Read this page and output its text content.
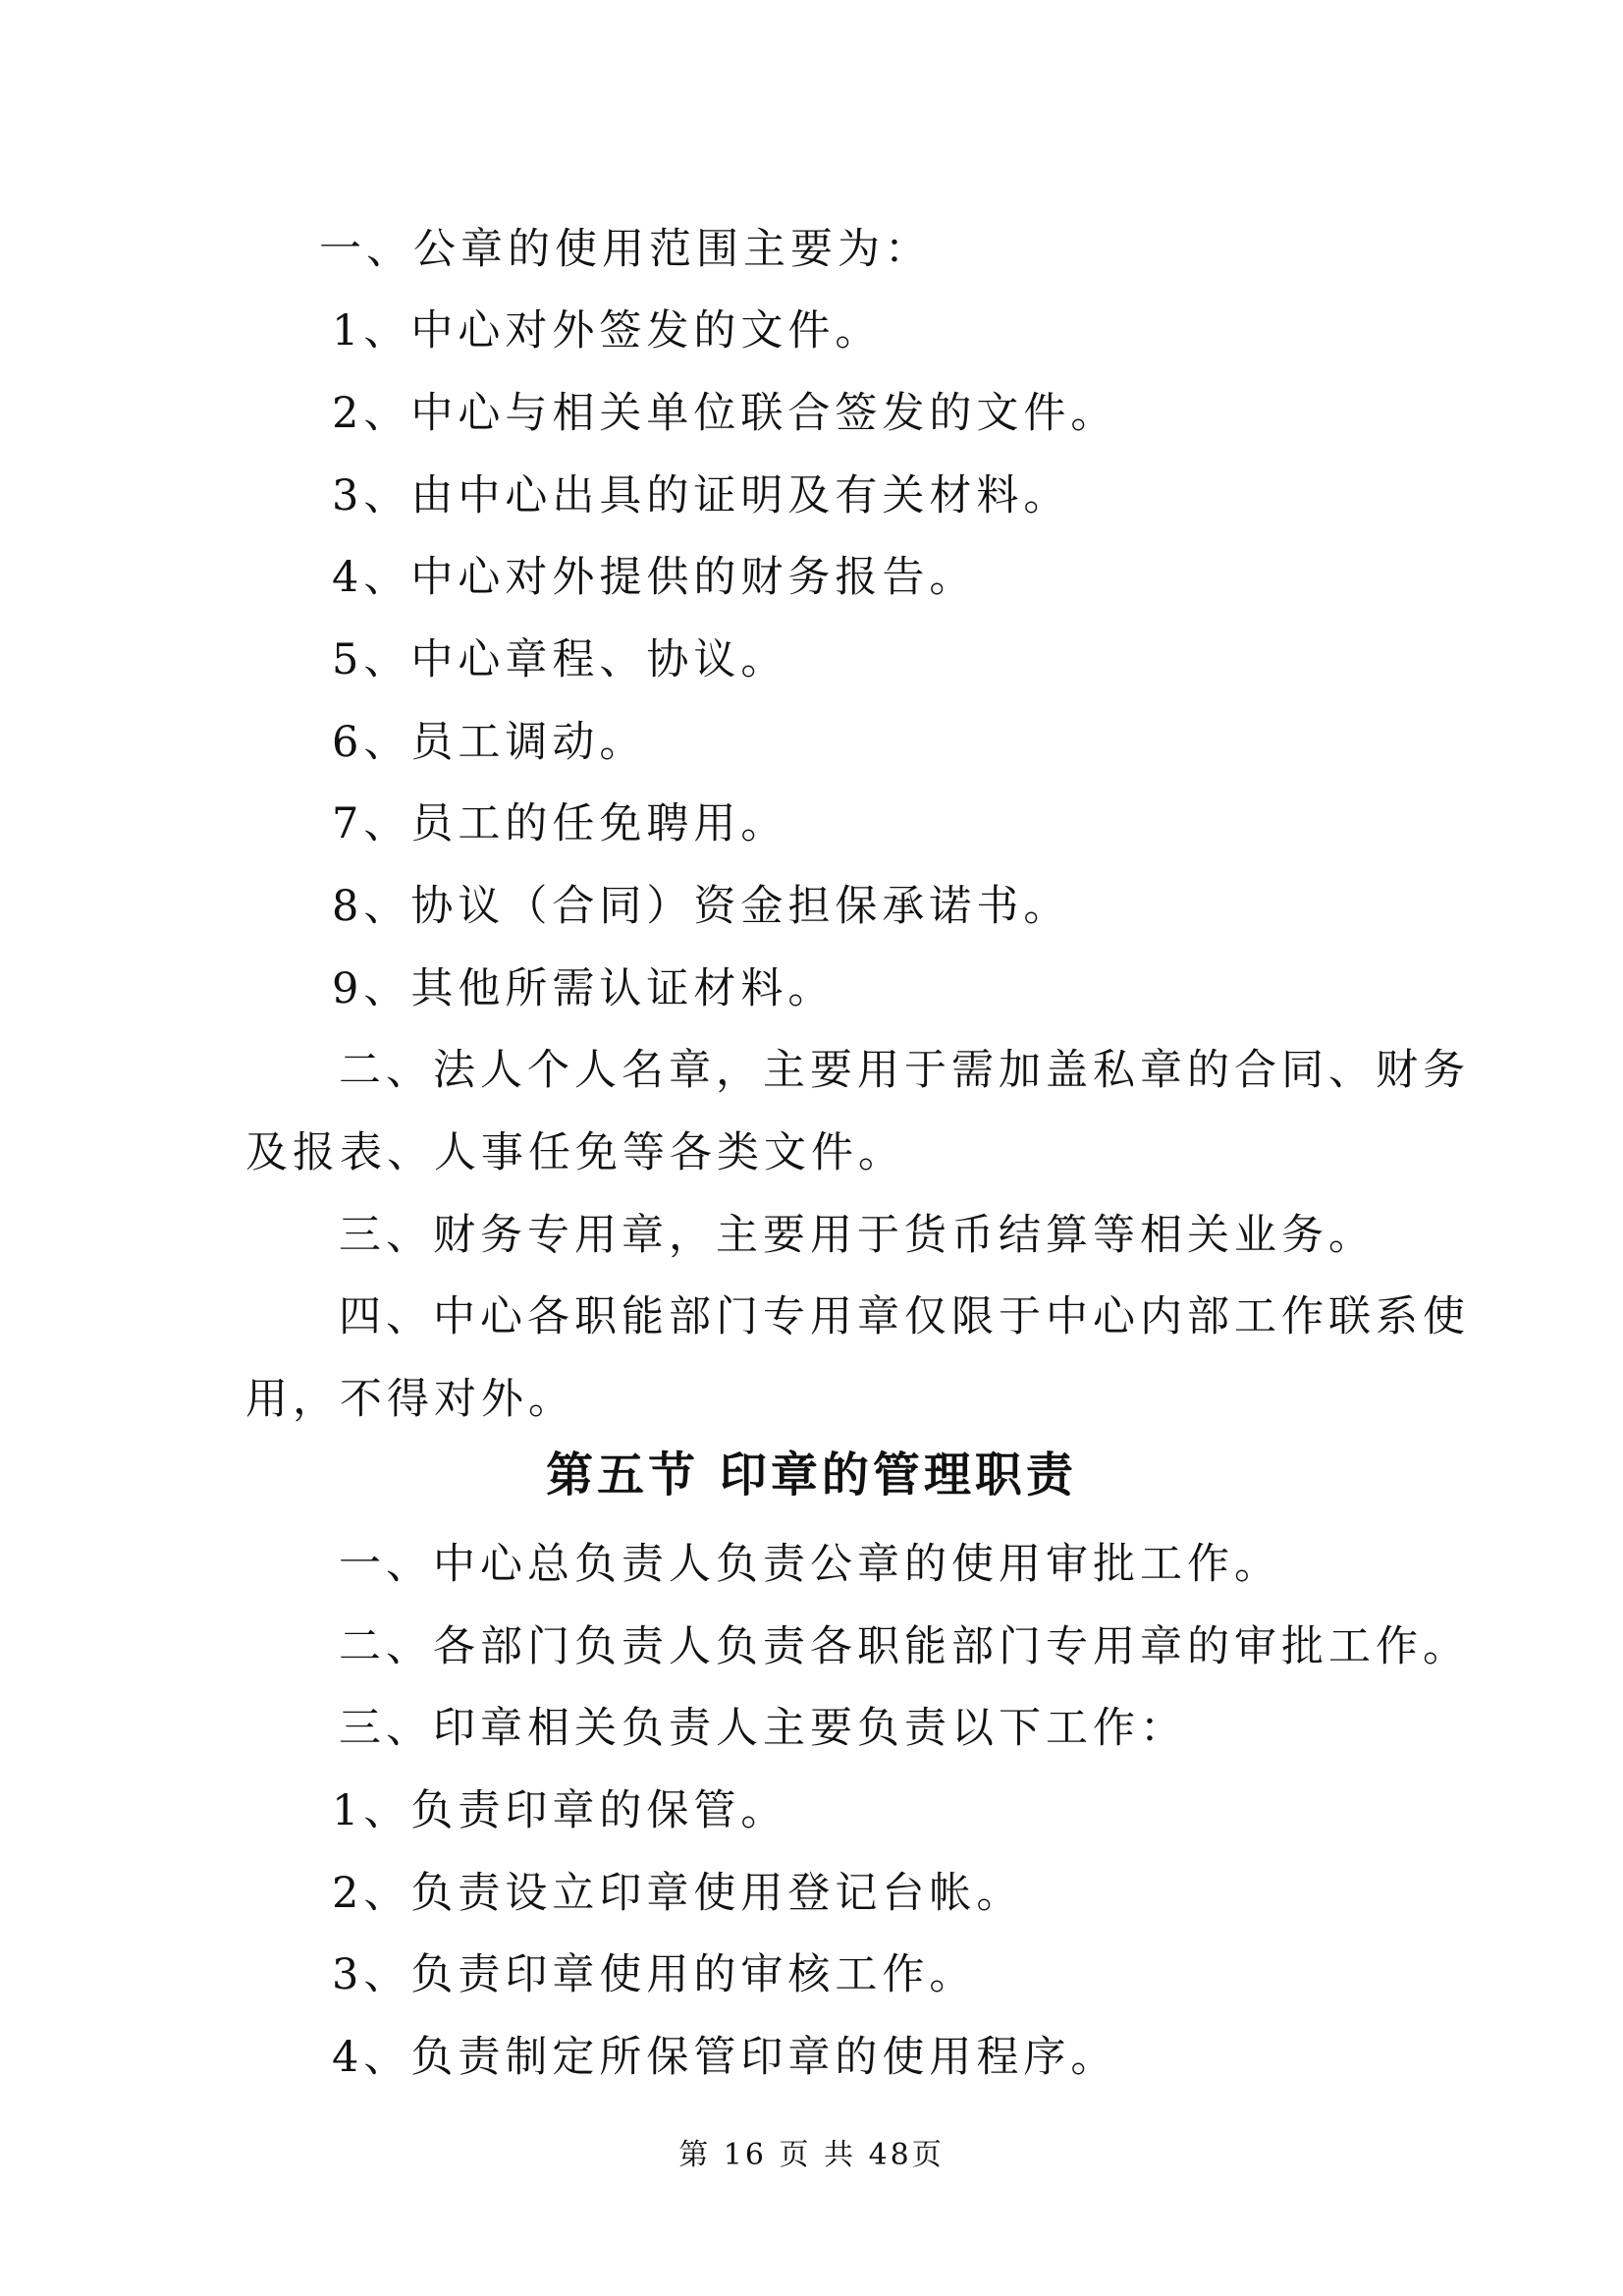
一、公章的使用范围主要为：

1、中心对外签发的文件。

2、中心与相关单位联合签发的文件。

3、由中心出具的证明及有关材料。

4、中心对外提供的财务报告。

5、中心章程、协议。

6、员工调动。

7、员工的任免聘用。

8、协议（合同）资金担保承诺书。

9、其他所需认证材料。

二、法人个人名章，主要用于需加盖私章的合同、财务

及报表、人事任免等各类文件。

三、财务专用章，主要用于货币结算等相关业务。

四、中心各职能部门专用章仅限于中心内部工作联系使

用，不得对外。

第五节 印章的管理职责

一、中心总负责人负责公章的使用审批工作。

二、各部门负责人负责各职能部门专用章的审批工作。

三、印章相关负责人主要负责以下工作：

1、负责印章的保管。

2、负责设立印章使用登记台帐。

3、负责印章使用的审核工作。

4、负责制定所保管印章的使用程序。

第 16 页 共 48页
